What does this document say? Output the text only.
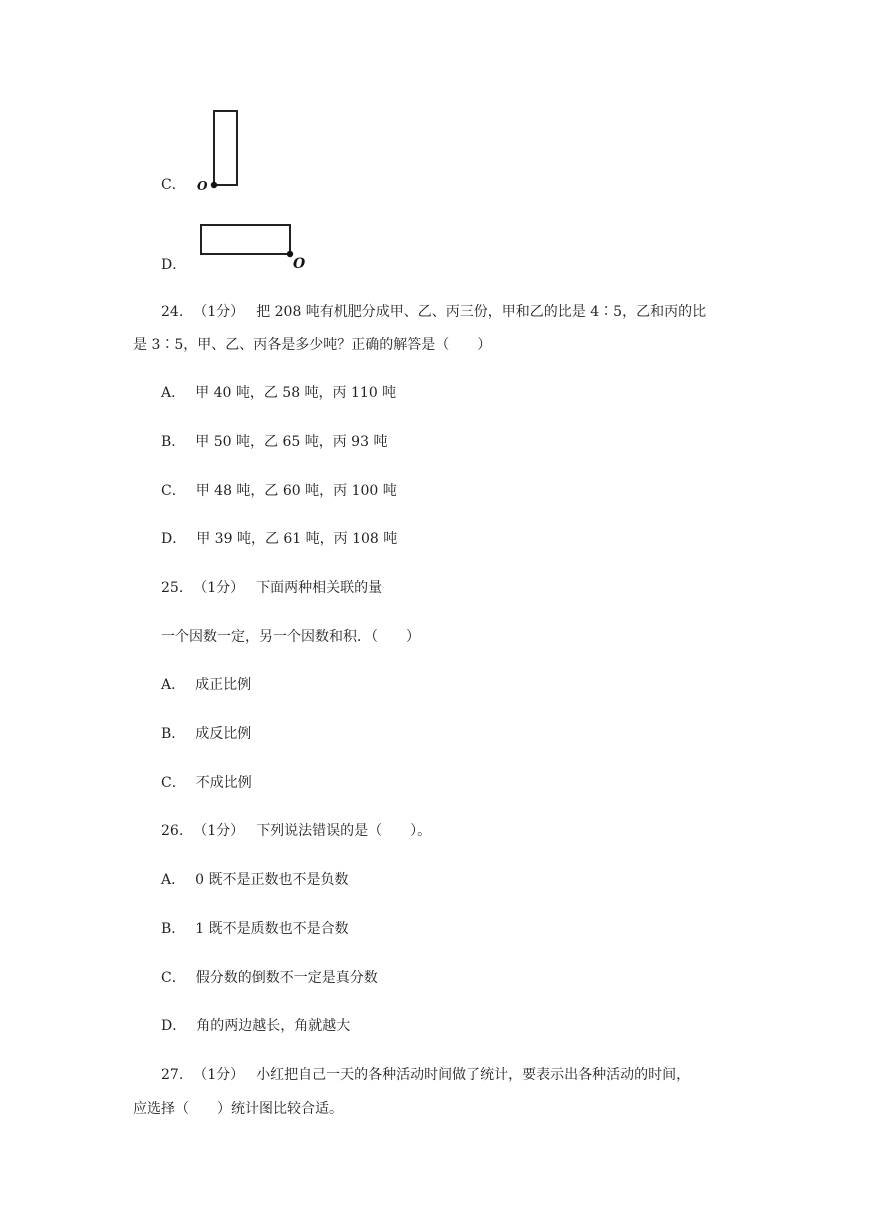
C． O
D．	O
24. （1分） 把 208 吨有机肥分成甲、乙、丙三份，甲和乙的比是 4∶5，乙和丙的比
是 3∶5，甲、乙、丙各是多少吨？正确的解答是（　　）
A． 甲 40 吨，乙 58 吨，丙 110 吨
B． 甲 50 吨，乙 65 吨，丙 93 吨
C． 甲 48 吨，乙 60 吨，丙 100 吨
D． 甲 39 吨，乙 61 吨，丙 108 吨
25. （1分） 下面两种相关联的量
一个因数一定，另一个因数和积．（　　）
A． 成正比例
B． 成反比例
C． 不成比例
26. （1分） 下列说法错误的是（　　）。
A． 0 既不是正数也不是负数
B． 1 既不是质数也不是合数
C． 假分数的倒数不一定是真分数
D． 角的两边越长，角就越大
27. （1分） 小红把自己一天的各种活动时间做了统计，要表示出各种活动的时间，
应选择（　　）统计图比较合适。
